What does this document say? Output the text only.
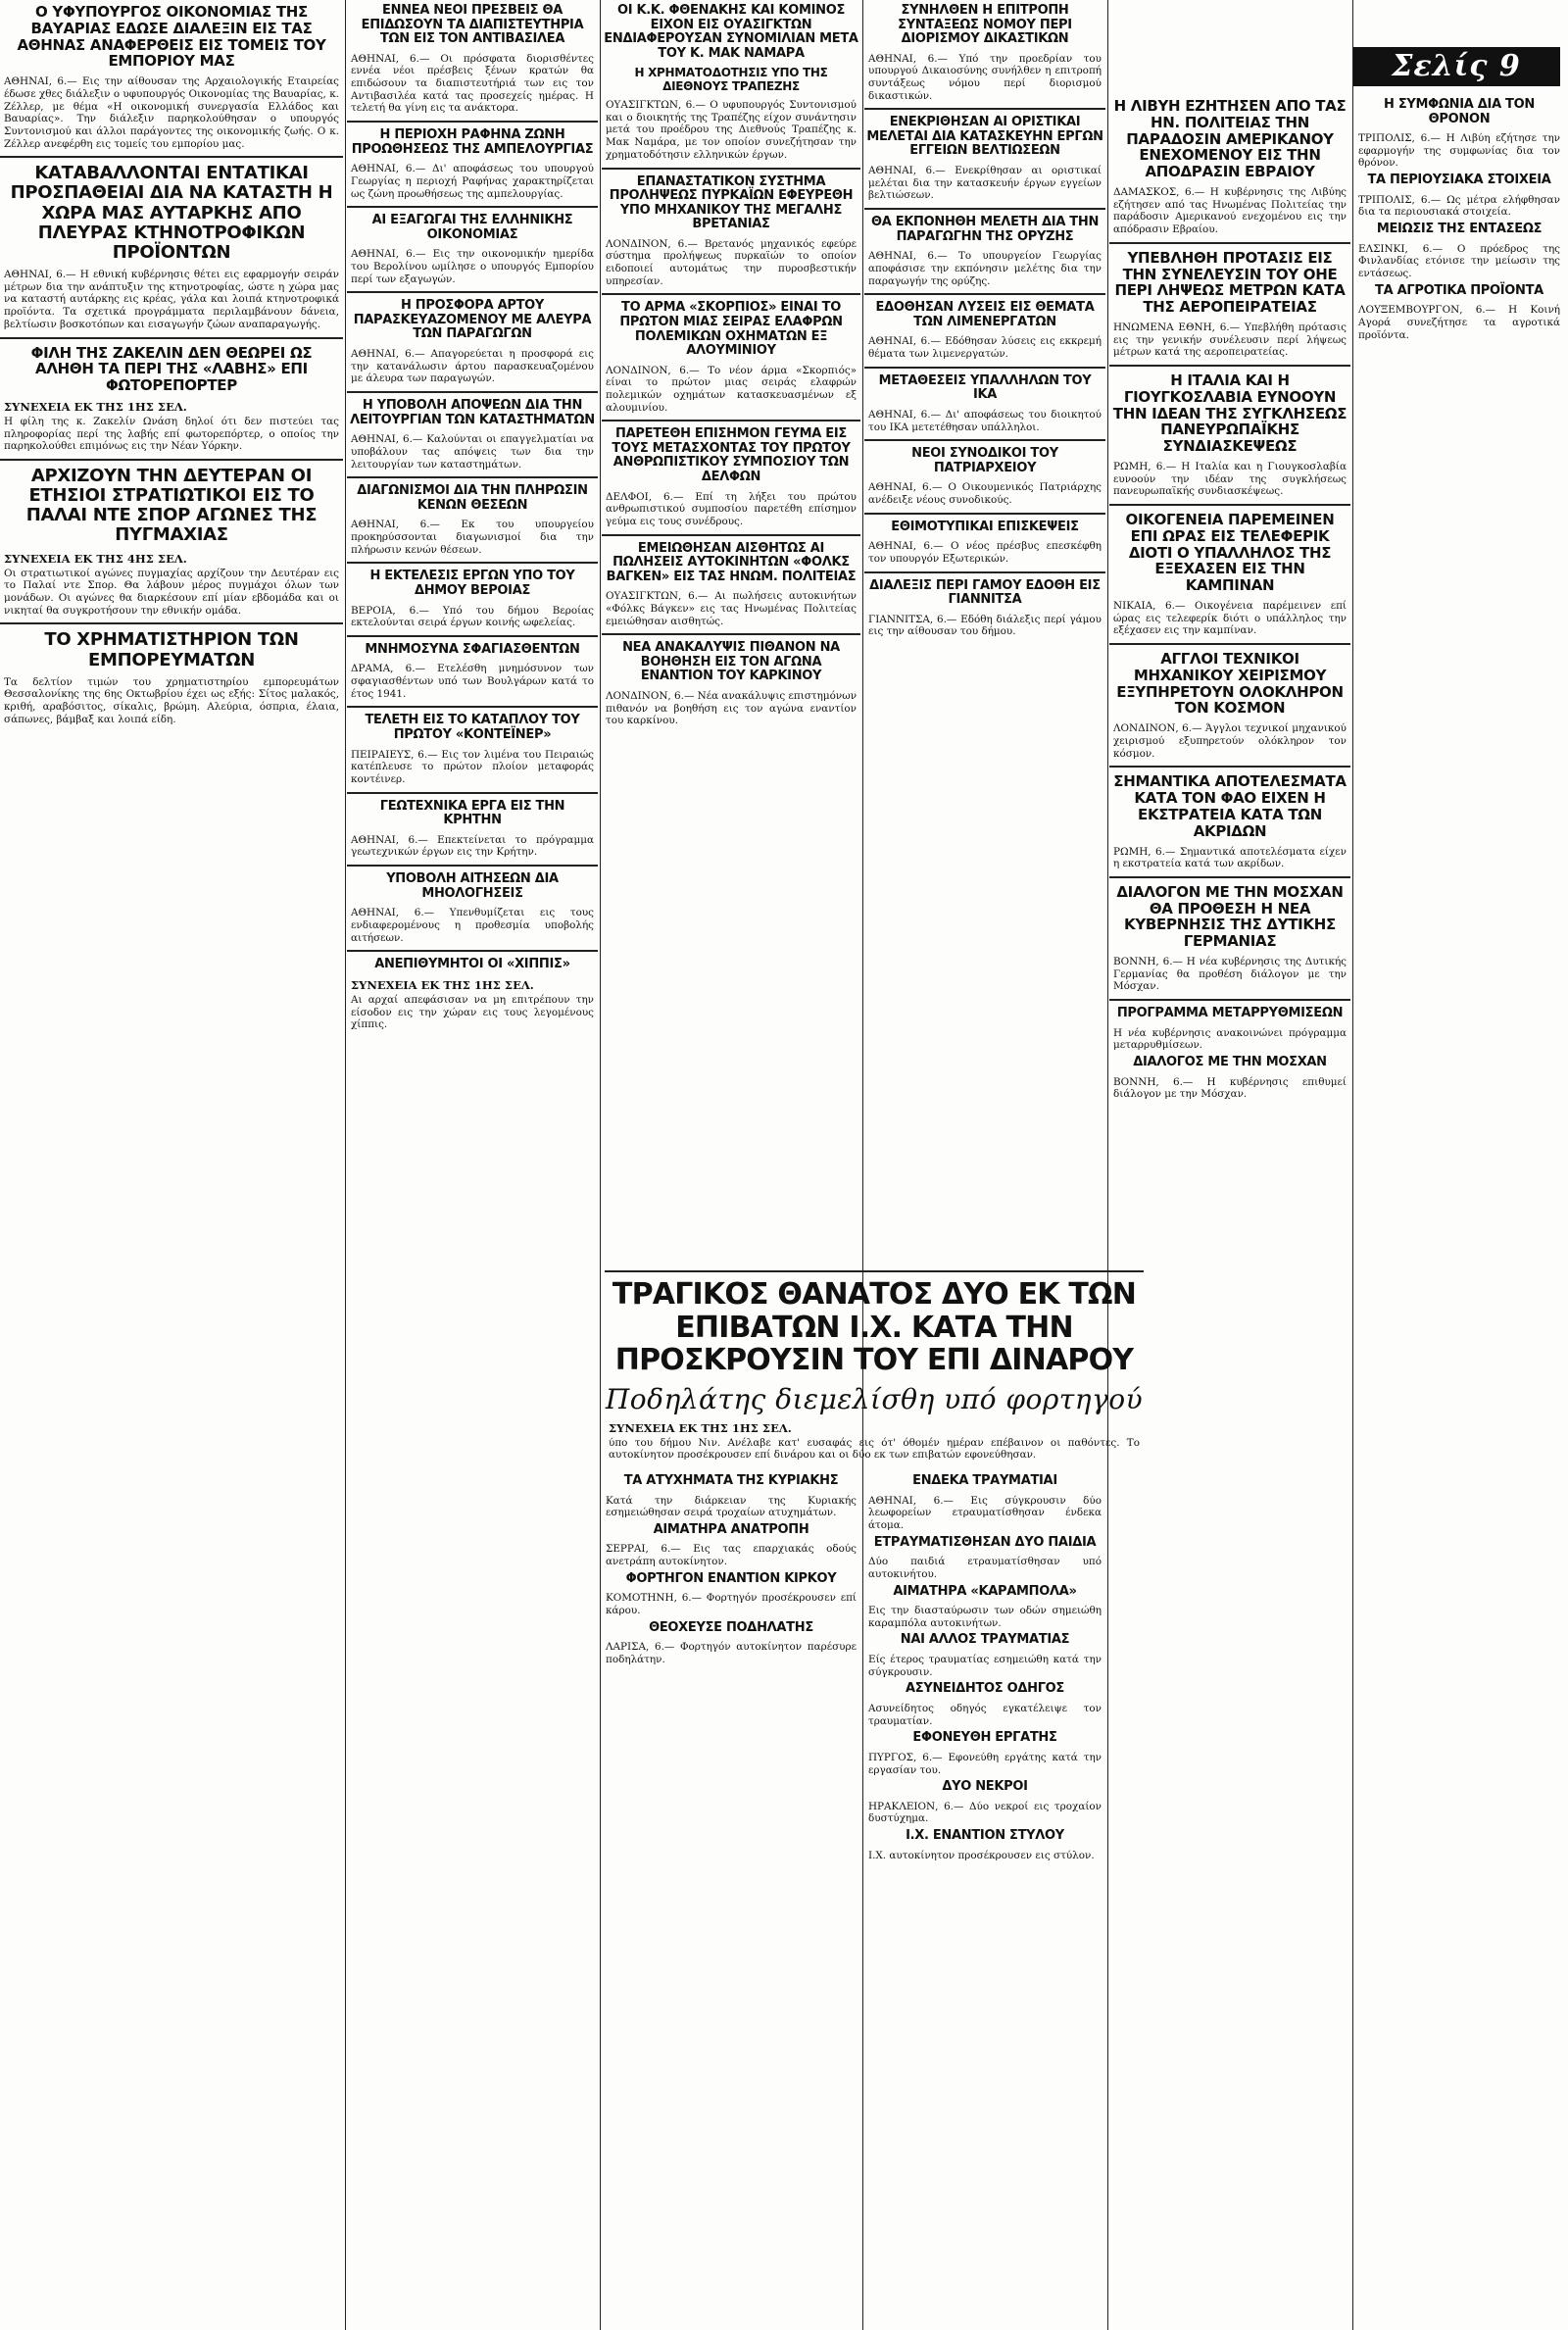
Σελίς 9
Ο ΥΦΥΠΟΥΡΓΟΣ ΟΙΚΟΝΟΜΙΑΣ ΤΗΣ ΒΑΥΑΡΙΑΣ ΕΔΩΣΕ ΔΙΑΛΕΞΙΝ ΕΙΣ ΤΑΣ ΑΘΗΝΑΣ ΑΝΑΦΕΡΘΕΙΣ ΕΙΣ ΤΟΜΕΙΣ ΤΟΥ ΕΜΠΟΡΙΟΥ ΜΑΣ
ΑΘΗΝΑΙ, 6.— Εις την αίθουσαν της Αρχαιολογικής Εταιρείας έδωσε χθες διάλεξιν ο υφυπουργός Οικονομίας της Βαυαρίας, κ. Ζέλλερ, με θέμα «Η οικονομική συνεργασία Ελλάδος και Βαυαρίας». Την διάλεξιν παρηκολούθησαν ο υπουργός Συντονισμού και άλλοι παράγοντες της οικονομικής ζωής. Ο κ. Ζέλλερ ανεφέρθη εις τομείς του εμπορίου μας.
ΚΑΤΑΒΑΛΛΟΝΤΑΙ ΕΝΤΑΤΙΚΑΙ ΠΡΟΣΠΑΘΕΙΑΙ ΔΙΑ ΝΑ ΚΑΤΑΣΤΗ Η ΧΩΡΑ ΜΑΣ ΑΥΤΑΡΚΗΣ ΑΠΟ ΠΛΕΥΡΑΣ ΚΤΗΝΟΤΡΟΦΙΚΩΝ ΠΡΟΪΟΝΤΩΝ
ΑΘΗΝΑΙ, 6.— Η εθνική κυβέρνησις θέτει εις εφαρμογήν σειράν μέτρων δια την ανάπτυξιν της κτηνοτροφίας, ώστε η χώρα μας να καταστή αυτάρκης εις κρέας, γάλα και λοιπά κτηνοτροφικά προϊόντα. Τα σχετικά προγράμματα περιλαμβάνουν δάνεια, βελτίωσιν βοσκοτόπων και εισαγωγήν ζώων αναπαραγωγής.
ΦΙΛΗ ΤΗΣ ΖΑΚΕΛΙΝ ΔΕΝ ΘΕΩΡΕΙ ΩΣ ΑΛΗΘΗ ΤΑ ΠΕΡΙ ΤΗΣ «ΛΑΒΗΣ» ΕΠΙ ΦΩΤΟΡΕΠΟΡΤΕΡ
ΣΥΝΕΧΕΙΑ ΕΚ ΤΗΣ 1ΗΣ ΣΕΛ.
Η φίλη της κ. Ζακελίν Ωνάση δηλοί ότι δεν πιστεύει τας πληροφορίας περί της λαβής επί φωτορεπόρτερ, ο οποίος την παρηκολούθει επιμόνως εις την Νέαν Υόρκην.
ΑΡΧΙΖΟΥΝ ΤΗΝ ΔΕΥΤΕΡΑΝ ΟΙ ΕΤΗΣΙΟΙ ΣΤΡΑΤΙΩΤΙΚΟΙ ΕΙΣ ΤΟ ΠΑΛΑΙ ΝΤΕ ΣΠΟΡ ΑΓΩΝΕΣ ΤΗΣ ΠΥΓΜΑΧΙΑΣ
ΣΥΝΕΧΕΙΑ ΕΚ ΤΗΣ 4ΗΣ ΣΕΛ.
Οι στρατιωτικοί αγώνες πυγμαχίας αρχίζουν την Δευτέραν εις το Παλαί ντε Σπορ. Θα λάβουν μέρος πυγμάχοι όλων των μονάδων. Οι αγώνες θα διαρκέσουν επί μίαν εβδομάδα και οι νικηταί θα συγκροτήσουν την εθνικήν ομάδα.
ΤΟ ΧΡΗΜΑΤΙΣΤΗΡΙΟΝ ΤΩΝ ΕΜΠΟΡΕΥΜΑΤΩΝ
Τα δελτίον τιμών του χρηματιστηρίου εμπορευμάτων Θεσσαλονίκης της 6ης Οκτωβρίου έχει ως εξής: Σίτος μαλακός, κριθή, αραβόσιτος, σίκαλις, βρώμη. Αλεύρια, όσπρια, έλαια, σάπωνες, βάμβαξ και λοιπά είδη.
ΕΝΝΕΑ ΝΕΟΙ ΠΡΕΣΒΕΙΣ ΘΑ ΕΠΙΔΩΣΟΥΝ ΤΑ ΔΙΑΠΙΣΤΕΥΤΗΡΙΑ ΤΩΝ ΕΙΣ ΤΟΝ ΑΝΤΙΒΑΣΙΛΕΑ
ΑΘΗΝΑΙ, 6.— Οι πρόσφατα διορισθέντες εννέα νέοι πρέσβεις ξένων κρατών θα επιδώσουν τα διαπιστευτήριά των εις τον Αντιβασιλέα κατά τας προσεχείς ημέρας. Η τελετή θα γίνη εις τα ανάκτορα.
Η ΠΕΡΙΟΧΗ ΡΑΦΗΝΑ ΖΩΝΗ ΠΡΟΩΘΗΣΕΩΣ ΤΗΣ ΑΜΠΕΛΟΥΡΓΙΑΣ
ΑΘΗΝΑΙ, 6.— Δι' αποφάσεως του υπουργού Γεωργίας η περιοχή Ραφήνας χαρακτηρίζεται ως ζώνη προωθήσεως της αμπελουργίας.
ΑΙ ΕΞΑΓΩΓΑΙ ΤΗΣ ΕΛΛΗΝΙΚΗΣ ΟΙΚΟΝΟΜΙΑΣ
ΑΘΗΝΑΙ, 6.— Εις την οικονομικήν ημερίδα του Βερολίνου ωμίλησε ο υπουργός Εμπορίου περί των εξαγωγών.
Η ΠΡΟΣΦΟΡΑ ΑΡΤΟΥ ΠΑΡΑΣΚΕΥΑΖΟΜΕΝΟΥ ΜΕ ΑΛΕΥΡΑ ΤΩΝ ΠΑΡΑΓΩΓΩΝ
ΑΘΗΝΑΙ, 6.— Απαγορεύεται η προσφορά εις την κατανάλωσιν άρτου παρασκευαζομένου με άλευρα των παραγωγών.
Η ΥΠΟΒΟΛΗ ΑΠΟΨΕΩΝ ΔΙΑ ΤΗΝ ΛΕΙΤΟΥΡΓΙΑΝ ΤΩΝ ΚΑΤΑΣΤΗΜΑΤΩΝ
ΑΘΗΝΑΙ, 6.— Καλούνται οι επαγγελματίαι να υποβάλουν τας απόψεις των δια την λειτουργίαν των καταστημάτων.
ΔΙΑΓΩΝΙΣΜΟΙ ΔΙΑ ΤΗΝ ΠΛΗΡΩΣΙΝ ΚΕΝΩΝ ΘΕΣΕΩΝ
ΑΘΗΝΑΙ, 6.— Εκ του υπουργείου προκηρύσσονται διαγωνισμοί δια την πλήρωσιν κενών θέσεων.
Η ΕΚΤΕΛΕΣΙΣ ΕΡΓΩΝ ΥΠΟ ΤΟΥ ΔΗΜΟΥ ΒΕΡΟΙΑΣ
ΒΕΡΟΙΑ, 6.— Υπό του δήμου Βεροίας εκτελούνται σειρά έργων κοινής ωφελείας.
ΜΝΗΜΟΣΥΝΑ ΣΦΑΓΙΑΣΘΕΝΤΩΝ
ΔΡΑΜΑ, 6.— Ετελέσθη μνημόσυνον των σφαγιασθέντων υπό των Βουλγάρων κατά το έτος 1941.
ΤΕΛΕΤΗ ΕΙΣ ΤΟ ΚΑΤΑΠΛΟΥ ΤΟΥ ΠΡΩΤΟΥ «ΚΟΝΤΕΪΝΕΡ»
ΠΕΙΡΑΙΕΥΣ, 6.— Εις τον λιμένα του Πειραιώς κατέπλευσε το πρώτον πλοίον μεταφοράς κοντέινερ.
ΓΕΩΤΕΧΝΙΚΑ ΕΡΓΑ ΕΙΣ ΤΗΝ ΚΡΗΤΗΝ
ΑΘΗΝΑΙ, 6.— Επεκτείνεται το πρόγραμμα γεωτεχνικών έργων εις την Κρήτην.
ΥΠΟΒΟΛΗ ΑΙΤΗΣΕΩΝ ΔΙΑ ΜΗΟΛΟΓΗΣΕΙΣ
ΑΘΗΝΑΙ, 6.— Υπενθυμίζεται εις τους ενδιαφερομένους η προθεσμία υποβολής αιτήσεων.
ΑΝΕΠΙΘΥΜΗΤΟΙ ΟΙ «ΧΙΠΠΙΣ»
ΣΥΝΕΧΕΙΑ ΕΚ ΤΗΣ 1ΗΣ ΣΕΛ.
Αι αρχαί απεφάσισαν να μη επιτρέπουν την είσοδον εις την χώραν εις τους λεγομένους χίππις.
ΟΙ Κ.Κ. ΦΘΕΝΑΚΗΣ ΚΑΙ ΚΟΜΙΝΟΣ ΕΙΧΟΝ ΕΙΣ ΟΥΑΣΙΓΚΤΩΝ ΕΝΔΙΑΦΕΡΟΥΣΑΝ ΣΥΝΟΜΙΛΙΑΝ ΜΕΤΑ ΤΟΥ Κ. ΜΑΚ ΝΑΜΑΡΑ
Η ΧΡΗΜΑΤΟΔΟΤΗΣΙΣ ΥΠΟ ΤΗΣ ΔΙΕΘΝΟΥΣ ΤΡΑΠΕΖΗΣ
ΟΥΑΣΙΓΚΤΩΝ, 6.— Ο υφυπουργός Συντονισμού και ο διοικητής της Τραπέζης είχον συνάντησιν μετά του προέδρου της Διεθνούς Τραπέζης κ. Μακ Ναμάρα, με τον οποίον συνεζήτησαν την χρηματοδότησιν ελληνικών έργων.
ΕΠΑΝΑΣΤΑΤΙΚΟΝ ΣΥΣΤΗΜΑ ΠΡΟΛΗΨΕΩΣ ΠΥΡΚΑΪΩΝ ΕΦΕΥΡΕΘΗ ΥΠΟ ΜΗΧΑΝΙΚΟΥ ΤΗΣ ΜΕΓΑΛΗΣ ΒΡΕΤΑΝΙΑΣ
ΛΟΝΔΙΝΟΝ, 6.— Βρετανός μηχανικός εφεύρε σύστημα προλήψεως πυρκαϊών το οποίον ειδοποιεί αυτομάτως την πυροσβεστικήν υπηρεσίαν.
ΤΟ ΑΡΜΑ «ΣΚΟΡΠΙΟΣ» ΕΙΝΑΙ ΤΟ ΠΡΩΤΟΝ ΜΙΑΣ ΣΕΙΡΑΣ ΕΛΑΦΡΩΝ ΠΟΛΕΜΙΚΩΝ ΟΧΗΜΑΤΩΝ ΕΞ ΑΛΟΥΜΙΝΙΟΥ
ΛΟΝΔΙΝΟΝ, 6.— Το νέον άρμα «Σκορπιός» είναι το πρώτον μιας σειράς ελαφρών πολεμικών οχημάτων κατασκευασμένων εξ αλουμινίου.
ΠΑΡΕΤΕΘΗ ΕΠΙΣΗΜΟΝ ΓΕΥΜΑ ΕΙΣ ΤΟΥΣ ΜΕΤΑΣΧΟΝΤΑΣ ΤΟΥ ΠΡΩΤΟΥ ΑΝΘΡΩΠΙΣΤΙΚΟΥ ΣΥΜΠΟΣΙΟΥ ΤΩΝ ΔΕΛΦΩΝ
ΔΕΛΦΟΙ, 6.— Επί τη λήξει του πρώτου ανθρωπιστικού συμποσίου παρετέθη επίσημον γεύμα εις τους συνέδρους.
ΕΜΕΙΩΘΗΣΑΝ ΑΙΣΘΗΤΩΣ ΑΙ ΠΩΛΗΣΕΙΣ ΑΥΤΟΚΙΝΗΤΩΝ «ΦΟΛΚΣ ΒΑΓΚΕΝ» ΕΙΣ ΤΑΣ ΗΝΩΜ. ΠΟΛΙΤΕΙΑΣ
ΟΥΑΣΙΓΚΤΩΝ, 6.— Αι πωλήσεις αυτοκινήτων «Φόλκς Βάγκεν» εις τας Ηνωμένας Πολιτείας εμειώθησαν αισθητώς.
ΝΕΑ ΑΝΑΚΑΛΥΨΙΣ ΠΙΘΑΝΟΝ ΝΑ ΒΟΗΘΗΣΗ ΕΙΣ ΤΟΝ ΑΓΩΝΑ ΕΝΑΝΤΙΟΝ ΤΟΥ ΚΑΡΚΙΝΟΥ
ΛΟΝΔΙΝΟΝ, 6.— Νέα ανακάλυψις επιστημόνων πιθανόν να βοηθήση εις τον αγώνα εναντίον του καρκίνου.
ΣΥΝΗΛΘΕΝ Η ΕΠΙΤΡΟΠΗ ΣΥΝΤΑΞΕΩΣ ΝΟΜΟΥ ΠΕΡΙ ΔΙΟΡΙΣΜΟΥ ΔΙΚΑΣΤΙΚΩΝ
ΑΘΗΝΑΙ, 6.— Υπό την προεδρίαν του υπουργού Δικαιοσύνης συνήλθεν η επιτροπή συντάξεως νόμου περί διορισμού δικαστικών.
ΕΝΕΚΡΙΘΗΣΑΝ ΑΙ ΟΡΙΣΤΙΚΑΙ ΜΕΛΕΤΑΙ ΔΙΑ ΚΑΤΑΣΚΕΥΗΝ ΕΡΓΩΝ ΕΓΓΕΙΩΝ ΒΕΛΤΙΩΣΕΩΝ
ΑΘΗΝΑΙ, 6.— Ενεκρίθησαν αι οριστικαί μελέται δια την κατασκευήν έργων εγγείων βελτιώσεων.
ΘΑ ΕΚΠΟΝΗΘΗ ΜΕΛΕΤΗ ΔΙΑ ΤΗΝ ΠΑΡΑΓΩΓΗΝ ΤΗΣ ΟΡΥΖΗΣ
ΑΘΗΝΑΙ, 6.— Το υπουργείον Γεωργίας αποφάσισε την εκπόνησιν μελέτης δια την παραγωγήν της ορύζης.
ΕΔΟΘΗΣΑΝ ΛΥΣΕΙΣ ΕΙΣ ΘΕΜΑΤΑ ΤΩΝ ΛΙΜΕΝΕΡΓΑΤΩΝ
ΑΘΗΝΑΙ, 6.— Εδόθησαν λύσεις εις εκκρεμή θέματα των λιμενεργατών.
ΜΕΤΑΘΕΣΕΙΣ ΥΠΑΛΛΗΛΩΝ ΤΟΥ ΙΚΑ
ΑΘΗΝΑΙ, 6.— Δι' αποφάσεως του διοικητού του ΙΚΑ μετετέθησαν υπάλληλοι.
ΝΕΟΙ ΣΥΝΟΔΙΚΟΙ ΤΟΥ ΠΑΤΡΙΑΡΧΕΙΟΥ
ΑΘΗΝΑΙ, 6.— Ο Οικουμενικός Πατριάρχης ανέδειξε νέους συνοδικούς.
ΕΘΙΜΟΤΥΠΙΚΑΙ ΕΠΙΣΚΕΨΕΙΣ
ΑΘΗΝΑΙ, 6.— Ο νέος πρέσβυς επεσκέφθη τον υπουργόν Εξωτερικών.
ΔΙΑΛΕΞΙΣ ΠΕΡΙ ΓΑΜΟΥ ΕΔΟΘΗ ΕΙΣ ΓΙΑΝΝΙΤΣΑ
ΓΙΑΝΝΙΤΣΑ, 6.— Εδόθη διάλεξις περί γάμου εις την αίθουσαν του δήμου.
ΤΡΑΓΙΚΟΣ ΘΑΝΑΤΟΣ ΔΥΟ ΕΚ ΤΩΝ ΕΠΙΒΑΤΩΝ Ι.Χ. ΚΑΤΑ ΤΗΝ ΠΡΟΣΚΡΟΥΣΙΝ ΤΟΥ ΕΠΙ ΔΙΝΑΡΟΥ
Ποδηλάτης διεμελίσθη υπό φορτηγού
ΣΥΝΕΧΕΙΑ ΕΚ ΤΗΣ 1ΗΣ ΣΕΛ.
ύπο του δήμου Νιν. Ανέλαβε κατ' ευσαφάς εις ότ' όθομέν ημέραν επέβαινον οι παθόντες. Το αυτοκίνητον προσέκρουσεν επί δινάρου και οι δύο εκ των επιβατών εφονεύθησαν.
ΤΑ ΑΤΥΧΗΜΑΤΑ ΤΗΣ ΚΥΡΙΑΚΗΣ
Κατά την διάρκειαν της Κυριακής εσημειώθησαν σειρά τροχαίων ατυχημάτων.
ΑΙΜΑΤΗΡΑ ΑΝΑΤΡΟΠΗ
ΣΕΡΡΑΙ, 6.— Εις τας επαρχιακάς οδούς ανετράπη αυτοκίνητον.
ΦΟΡΤΗΓΟΝ ΕΝΑΝΤΙΟΝ ΚΙΡΚΟΥ
ΚΟΜΟΤΗΝΗ, 6.— Φορτηγόν προσέκρουσεν επί κάρου.
ΘΕΟΧΕΥΣΕ ΠΟΔΗΛΑΤΗΣ
ΛΑΡΙΣΑ, 6.— Φορτηγόν αυτοκίνητον παρέσυρε ποδηλάτην.
ΕΝΔΕΚΑ ΤΡΑΥΜΑΤΙΑΙ
ΑΘΗΝΑΙ, 6.— Εις σύγκρουσιν δύο λεωφορείων ετραυματίσθησαν ένδεκα άτομα.
ΕΤΡΑΥΜΑΤΙΣΘΗΣΑΝ ΔΥΟ ΠΑΙΔΙΑ
Δύο παιδιά ετραυματίσθησαν υπό αυτοκινήτου.
ΑΙΜΑΤΗΡΑ «ΚΑΡΑΜΠΟΛΑ»
Εις την διασταύρωσιν των οδών σημειώθη καραμπόλα αυτοκινήτων.
ΝΑΙ ΑΛΛΟΣ ΤΡΑΥΜΑΤΙΑΣ
Είς έτερος τραυματίας εσημειώθη κατά την σύγκρουσιν.
ΑΣΥΝΕΙΔΗΤΟΣ ΟΔΗΓΟΣ
Ασυνείδητος οδηγός εγκατέλειψε τον τραυματίαν.
ΕΦΟΝΕΥΘΗ ΕΡΓΑΤΗΣ
ΠΥΡΓΟΣ, 6.— Εφονεύθη εργάτης κατά την εργασίαν του.
ΔΥΟ ΝΕΚΡΟΙ
ΗΡΑΚΛΕΙΟΝ, 6.— Δύο νεκροί εις τροχαίον δυστύχημα.
Ι.Χ. ΕΝΑΝΤΙΟΝ ΣΤΥΛΟΥ
Ι.Χ. αυτοκίνητον προσέκρουσεν εις στύλον.
Η ΛΙΒΥΗ ΕΖΗΤΗΣΕΝ ΑΠΟ ΤΑΣ ΗΝ. ΠΟΛΙΤΕΙΑΣ ΤΗΝ ΠΑΡΑΔΟΣΙΝ ΑΜΕΡΙΚΑΝΟΥ ΕΝΕΧΟΜΕΝΟΥ ΕΙΣ ΤΗΝ ΑΠΟΔΡΑΣΙΝ ΕΒΡΑΙΟΥ
ΔΑΜΑΣΚΟΣ, 6.— Η κυβέρνησις της Λιβύης εζήτησεν από τας Ηνωμένας Πολιτείας την παράδοσιν Αμερικανού ενεχομένου εις την απόδρασιν Εβραίου.
ΥΠΕΒΛΗΘΗ ΠΡΟΤΑΣΙΣ ΕΙΣ ΤΗΝ ΣΥΝΕΛΕΥΣΙΝ ΤΟΥ ΟΗΕ ΠΕΡΙ ΛΗΨΕΩΣ ΜΕΤΡΩΝ ΚΑΤΑ ΤΗΣ ΑΕΡΟΠΕΙΡΑΤΕΙΑΣ
ΗΝΩΜΕΝΑ ΕΘΝΗ, 6.— Υπεβλήθη πρότασις εις την γενικήν συνέλευσιν περί λήψεως μέτρων κατά της αεροπειρατείας.
Η ΙΤΑΛΙΑ ΚΑΙ Η ΓΙΟΥΓΚΟΣΛΑΒΙΑ ΕΥΝΟΟΥΝ ΤΗΝ ΙΔΕΑΝ ΤΗΣ ΣΥΓΚΛΗΣΕΩΣ ΠΑΝΕΥΡΩΠΑΪΚΗΣ ΣΥΝΔΙΑΣΚΕΨΕΩΣ
ΡΩΜΗ, 6.— Η Ιταλία και η Γιουγκοσλαβία ευνοούν την ιδέαν της συγκλήσεως πανευρωπαϊκής συνδιασκέψεως.
ΟΙΚΟΓΕΝΕΙΑ ΠΑΡΕΜΕΙΝΕΝ ΕΠΙ ΩΡΑΣ ΕΙΣ ΤΕΛΕΦΕΡΙΚ ΔΙΟΤΙ Ο ΥΠΑΛΛΗΛΟΣ ΤΗΣ ΕΞΕΧΑΣΕΝ ΕΙΣ ΤΗΝ ΚΑΜΠΙΝΑΝ
ΝΙΚΑΙΑ, 6.— Οικογένεια παρέμεινεν επί ώρας εις τελεφερίκ διότι ο υπάλληλος την εξέχασεν εις την καμπίναν.
ΑΓΓΛΟΙ ΤΕΧΝΙΚΟΙ ΜΗΧΑΝΙΚΟΥ ΧΕΙΡΙΣΜΟΥ ΕΞΥΠΗΡΕΤΟΥΝ ΟΛΟΚΛΗΡΟΝ ΤΟΝ ΚΟΣΜΟΝ
ΛΟΝΔΙΝΟΝ, 6.— Άγγλοι τεχνικοί μηχανικού χειρισμού εξυπηρετούν ολόκληρον τον κόσμον.
ΣΗΜΑΝΤΙΚΑ ΑΠΟΤΕΛΕΣΜΑΤΑ ΚΑΤΑ ΤΟΝ ΦΑΟ ΕΙΧΕΝ Η ΕΚΣΤΡΑΤΕΙΑ ΚΑΤΑ ΤΩΝ ΑΚΡΙΔΩΝ
ΡΩΜΗ, 6.— Σημαντικά αποτελέσματα είχεν η εκστρατεία κατά των ακρίδων.
ΔΙΑΛΟΓΟΝ ΜΕ ΤΗΝ ΜΟΣΧΑΝ ΘΑ ΠΡΟΘΕΣΗ Η ΝΕΑ ΚΥΒΕΡΝΗΣΙΣ ΤΗΣ ΔΥΤΙΚΗΣ ΓΕΡΜΑΝΙΑΣ
ΒΟΝΝΗ, 6.— Η νέα κυβέρνησις της Δυτικής Γερμανίας θα προθέση διάλογον με την Μόσχαν.
ΠΡΟΓΡΑΜΜΑ ΜΕΤΑΡΡΥΘΜΙΣΕΩΝ
Η νέα κυβέρνησις ανακοινώνει πρόγραμμα μεταρρυθμίσεων.
ΔΙΑΛΟΓΟΣ ΜΕ ΤΗΝ ΜΟΣΧΑΝ
ΒΟΝΝΗ, 6.— Η κυβέρνησις επιθυμεί διάλογον με την Μόσχαν.
Η ΣΥΜΦΩΝΙΑ ΔΙΑ ΤΟΝ ΘΡΟΝΟΝ
ΤΡΙΠΟΛΙΣ, 6.— Η Λιβύη εζήτησε την εφαρμογήν της συμφωνίας δια τον θρόνον.
ΤΑ ΠΕΡΙΟΥΣΙΑΚΑ ΣΤΟΙΧΕΙΑ
ΤΡΙΠΟΛΙΣ, 6.— Ως μέτρα ελήφθησαν δια τα περιουσιακά στοιχεία.
ΜΕΙΩΣΙΣ ΤΗΣ ΕΝΤΑΣΕΩΣ
ΕΛΣΙΝΚΙ, 6.— Ο πρόεδρος της Φινλανδίας ετόνισε την μείωσιν της εντάσεως.
ΤΑ ΑΓΡΟΤΙΚΑ ΠΡΟΪΟΝΤΑ
ΛΟΥΞΕΜΒΟΥΡΓΟΝ, 6.— Η Κοινή Αγορά συνεζήτησε τα αγροτικά προϊόντα.
